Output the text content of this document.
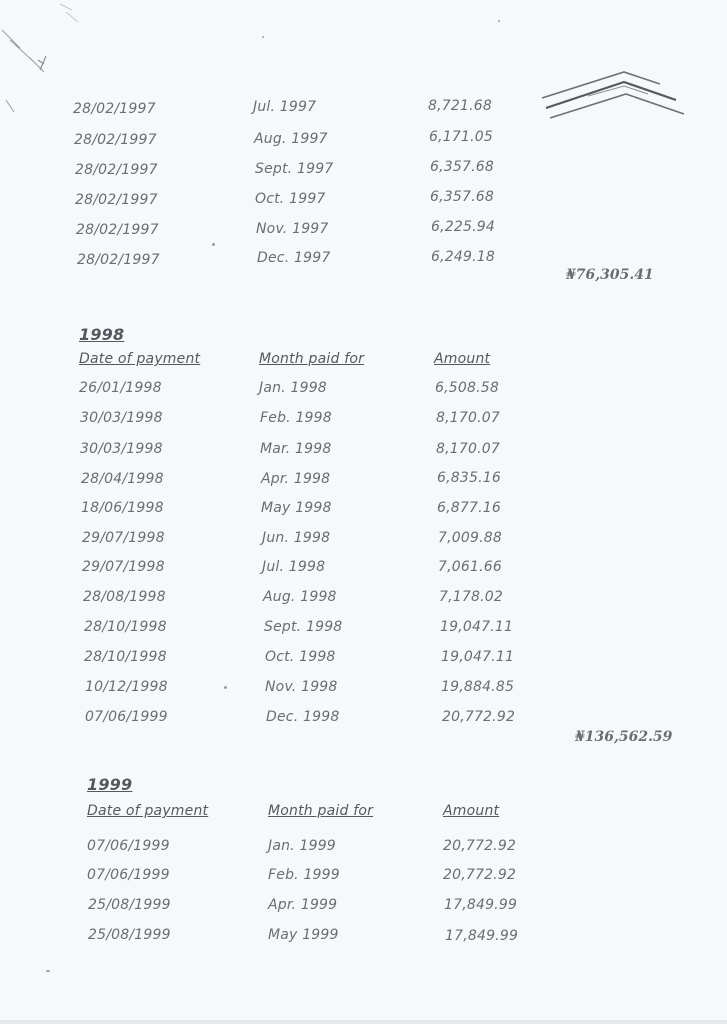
28/02/1997	Jul. 1997	8,721.68
28/02/1997	Aug. 1997	6,171.05
28/02/1997	Sept. 1997	6,357.68
28/02/1997	Oct. 1997	6,357.68
28/02/1997	Nov. 1997	6,225.94
28/02/1997	Dec. 1997	6,249.18
₦76,305.41
1998
Date of payment	Month paid for	Amount
26/01/1998	Jan. 1998	6,508.58
30/03/1998	Feb. 1998	8,170.07
30/03/1998	Mar. 1998	8,170.07
28/04/1998	Apr. 1998	6,835.16
18/06/1998	May 1998	6,877.16
29/07/1998	Jun. 1998	7,009.88
29/07/1998	Jul. 1998	7,061.66
28/08/1998	Aug. 1998	7,178.02
28/10/1998	Sept. 1998	19,047.11
28/10/1998	Oct. 1998	19,047.11
10/12/1998	Nov. 1998	19,884.85
07/06/1999	Dec. 1998	20,772.92
₦136,562.59
1999
Date of payment	Month paid for	Amount
07/06/1999	Jan. 1999	20,772.92
07/06/1999	Feb. 1999	20,772.92
25/08/1999	Apr. 1999	17,849.99
25/08/1999	May 1999	17,849.99
